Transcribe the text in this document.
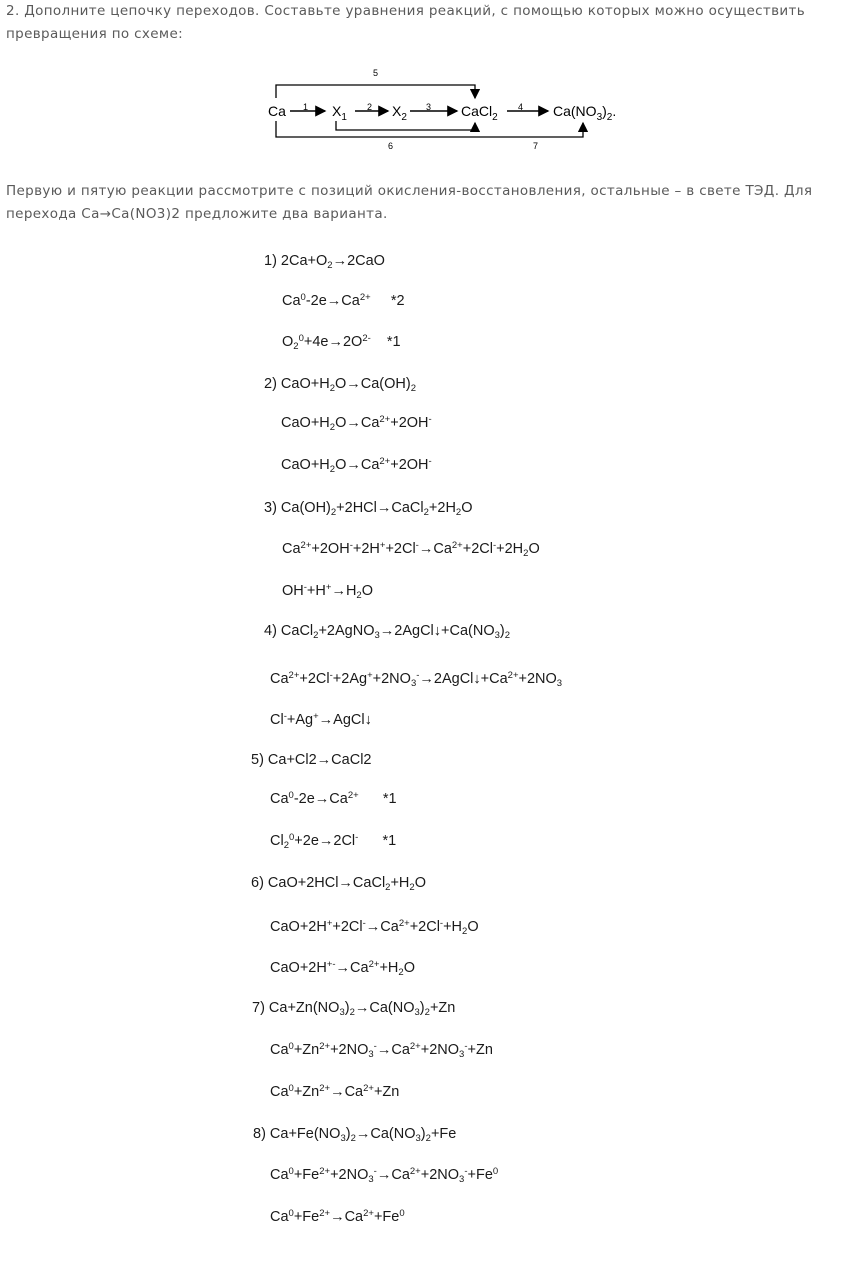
2. Дополните цепочку переходов. Составьте уравнения реакций, с помощью которых можно осуществить превращения по схеме:
Ca	$X_1$	$X_2$	CaCl$_2$	$Ca(NO_3)_2$.
1	2	3	4
5
6	7
Первую и пятую реакции рассмотрите с позиций окисления-восстановления, остальные – в свете ТЭД. Для перехода Ca→Ca(NO3)2 предложите два варианта.
1) $2Ca+O_2\to 2CaO$
$Ca^0-2e\to Ca^{2+}$     *2
$O_2^0+4e\to 2O^{2-}$    *1
2) $CaO+H_2O\to Ca(OH)_2$
$CaO+H_2O\to Ca^{2+}+2OH^-$
$CaO+H_2O\to Ca^{2+}+2OH^-$
3) $Ca(OH)_2+2HCl\to CaCl_2+2H_2O$
$Ca^{2+}+2OH^-+2H^++2Cl^-\to Ca^{2+}+2Cl^-+2H_2O$
$OH^-+H^+\to H_2O$
4) $CaCl_2+2AgNO_3\to 2AgCl↓+Ca(NO_3)_2$
$Ca^{2+}+2Cl^-+2Ag^++2NO_3^-\to 2AgCl↓+Ca^{2+}+2NO_3$
Cl-+Ag+→AgCl↓
5) Ca+Cl2→CaCl2
$Ca^0-2e\to Ca^{2+}$      *1
$Cl_2^0+2e\to 2Cl^-$      *1
6) $CaO+2HCl\to CaCl_2+H_2O$
$CaO+2H^++2Cl^-\to Ca^{2+}+2Cl^-+H_2O$
$CaO+2H^{+-}\to Ca^{2+}+H_2O$
7) $Ca+Zn(NO_3)_2\to Ca(NO_3)_2+Zn$
$Ca^0+Zn^{2+}+2NO_3^-\to Ca^{2+}+2NO_3^-+Zn$
$Ca^0+Zn^{2+}\to Ca^{2+}+Zn$
8) $Ca+Fe(NO_3)_2\to Ca(NO_3)_2+Fe$
$Ca^0+Fe^{2+}+2NO_3^-\to Ca^{2+}+2NO_3^-+Fe^0$
$Ca^0+Fe^{2+}\to Ca^{2+}+Fe^0$
